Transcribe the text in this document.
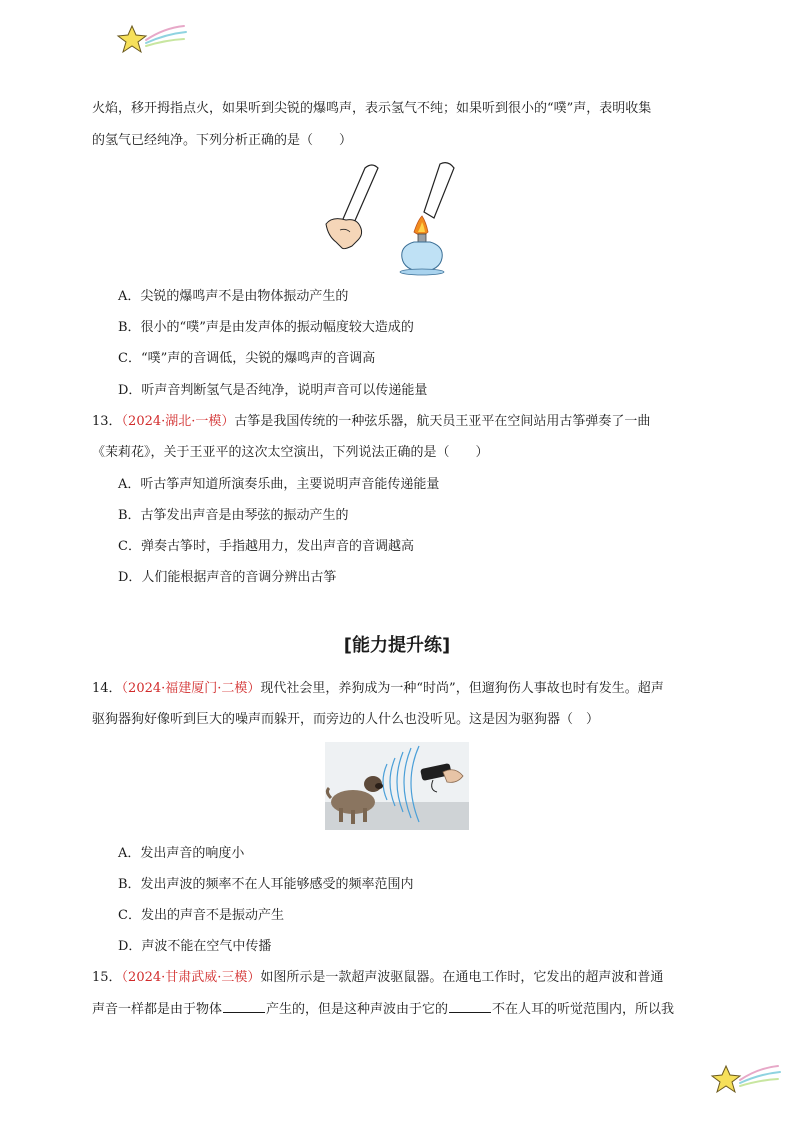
火焰，移开拇指点火，如果听到尖锐的爆鸣声，表示氢气不纯；如果听到很小的“噗”声，表明收集
的氢气已经纯净。下列分析正确的是（　　）
A．尖锐的爆鸣声不是由物体振动产生的
B．很小的“噗”声是由发声体的振动幅度较大造成的
C．“噗”声的音调低，尖锐的爆鸣声的音调高
D．听声音判断氢气是否纯净，说明声音可以传递能量
13．（2024·湖北·一模）古筝是我国传统的一种弦乐器，航天员王亚平在空间站用古筝弹奏了一曲
《茉莉花》，关于王亚平的这次太空演出，下列说法正确的是（　　）
A．听古筝声知道所演奏乐曲，主要说明声音能传递能量
B．古筝发出声音是由琴弦的振动产生的
C．弹奏古筝时，手指越用力，发出声音的音调越高
D．人们能根据声音的音调分辨出古筝
[能力提升练]
14．（2024·福建厦门·二模）现代社会里，养狗成为一种“时尚”，但遛狗伤人事故也时有发生。超声
驱狗器狗好像听到巨大的噪声而躲开，而旁边的人什么也没听见。这是因为驱狗器（　）
A．发出声音的响度小
B．发出声波的频率不在人耳能够感受的频率范围内
C．发出的声音不是振动产生
D．声波不能在空气中传播
15．（2024·甘肃武威·三模）如图所示是一款超声波驱鼠器。在通电工作时，它发出的超声波和普通
声音一样都是由于物体	产生的，但是这种声波由于它的	不在人耳的听觉范围内，所以我
